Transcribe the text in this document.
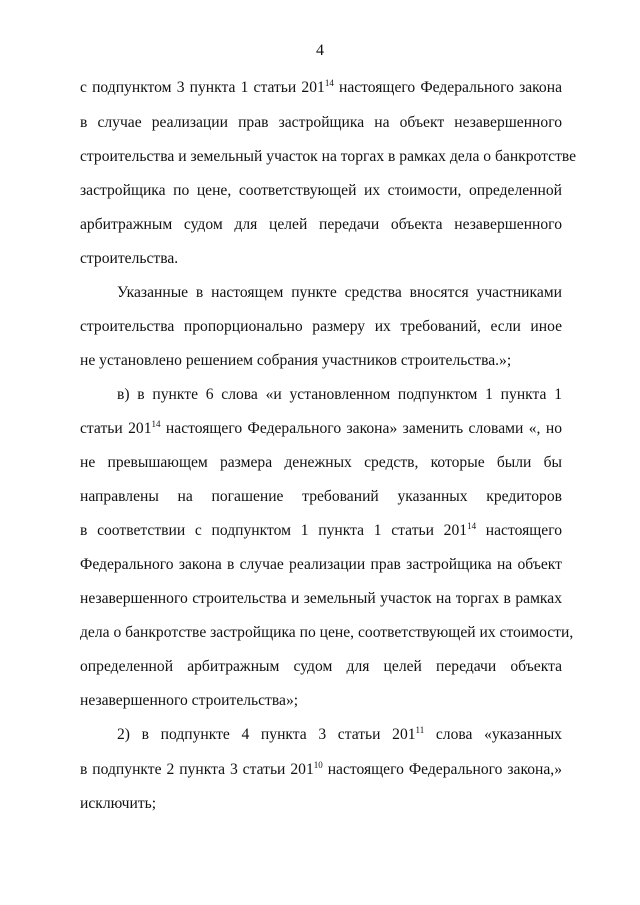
4
с подпунктом 3 пункта 1 статьи $201^{14}$ настоящего Федерального закона
в случае реализации прав застройщика на объект незавершенного
строительства и земельный участок на торгах в рамках дела о банкротстве
застройщика по цене, соответствующей их стоимости, определенной
арбитражным судом для целей передачи объекта незавершенного
строительства.
Указанные в настоящем пункте средства вносятся участниками
строительства пропорционально размеру их требований, если иное
не установлено решением собрания участников строительства.»;
в) в пункте 6 слова «и установленном подпунктом 1 пункта 1
статьи $201^{14}$ настоящего Федерального закона» заменить словами «, но
не превышающем размера денежных средств, которые были бы
направлены на погашение требований указанных кредиторов
в соответствии с подпунктом 1 пункта 1 статьи $201^{14}$ настоящего
Федерального закона в случае реализации прав застройщика на объект
незавершенного строительства и земельный участок на торгах в рамках
дела о банкротстве застройщика по цене, соответствующей их стоимости,
определенной арбитражным судом для целей передачи объекта
незавершенного строительства»;
2) в подпункте 4 пункта 3 статьи $201^{11}$ слова «указанных
в подпункте 2 пункта 3 статьи $201^{10}$ настоящего Федерального закона,»
исключить;
